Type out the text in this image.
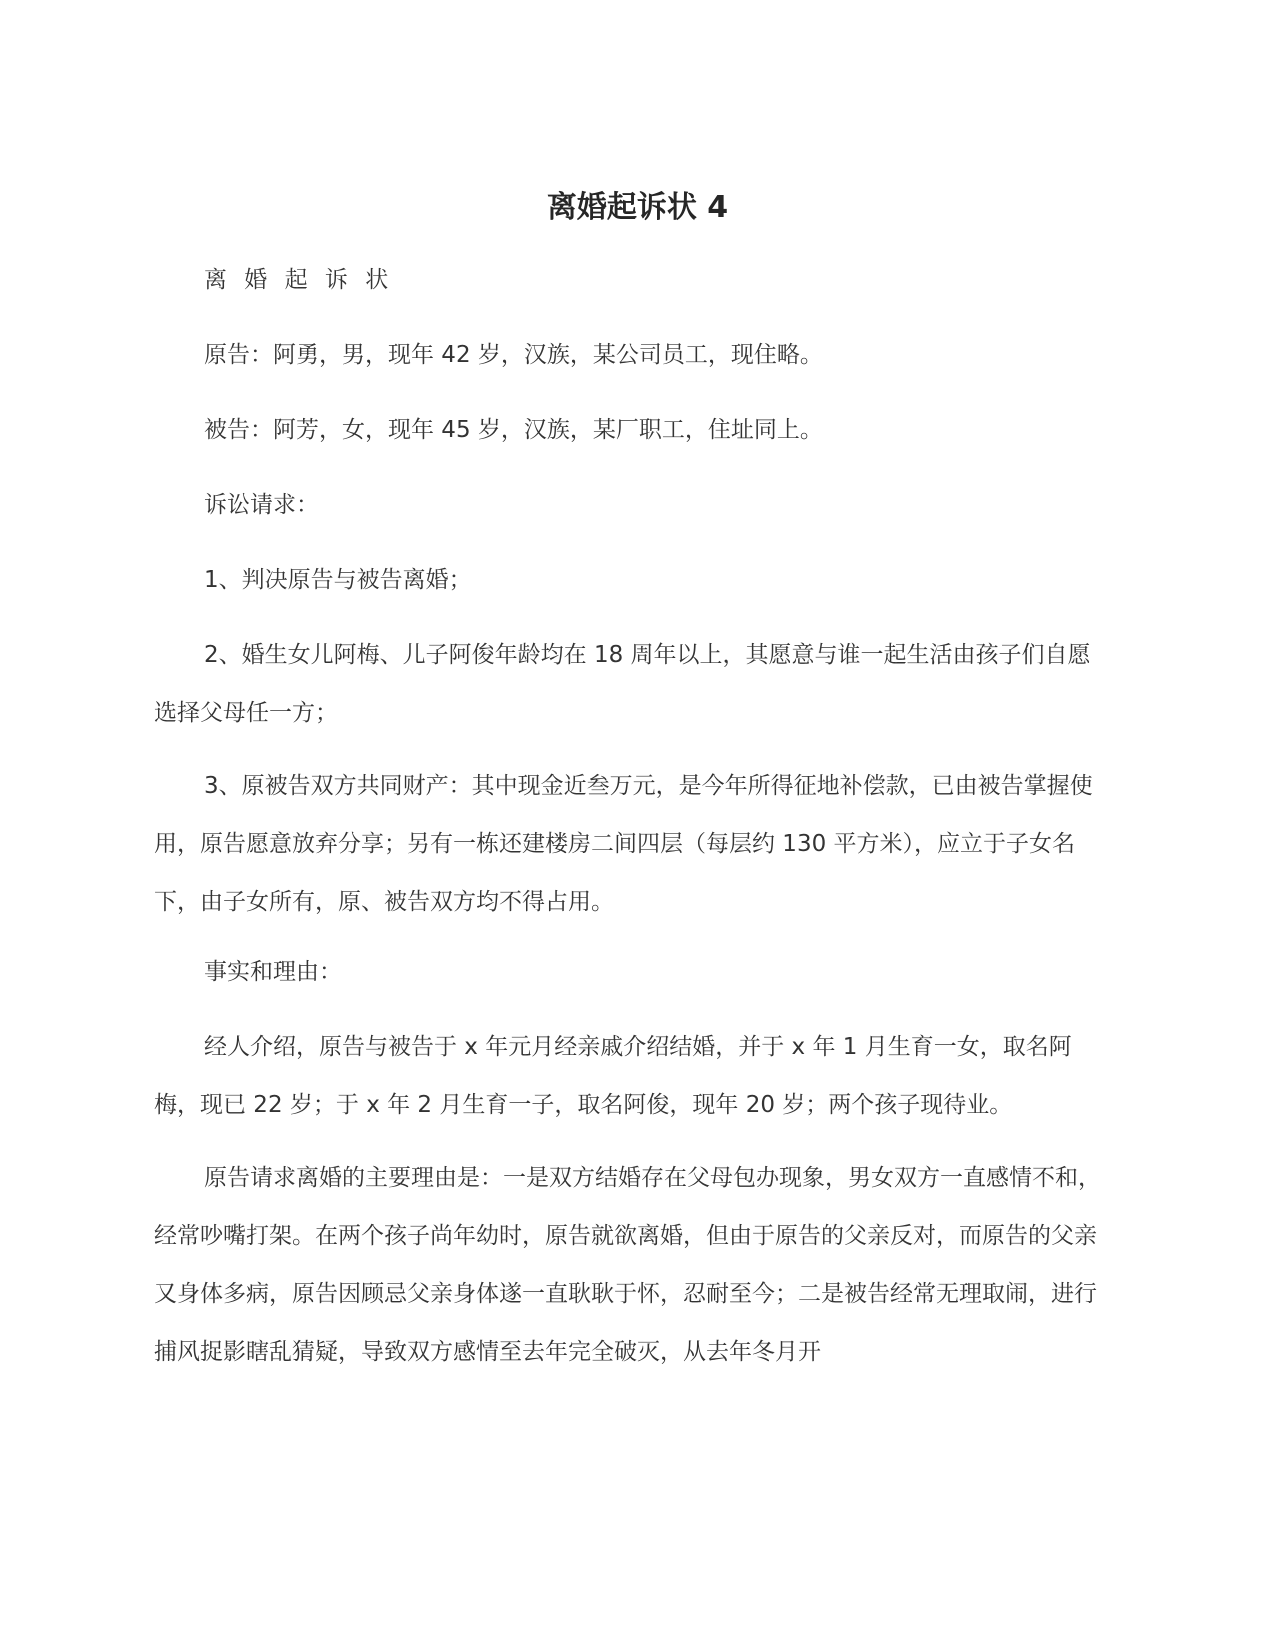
离婚起诉状 4

离 婚 起 诉 状

原告：阿勇，男，现年 42 岁，汉族，某公司员工，现住略。

被告：阿芳，女，现年 45 岁，汉族，某厂职工，住址同上。

诉讼请求：

1、判决原告与被告离婚；

2、婚生女儿阿梅、儿子阿俊年龄均在 18 周年以上，其愿意与谁一起生活由孩子们自愿选择父母任一方；

3、原被告双方共同财产：其中现金近叁万元，是今年所得征地补偿款，已由被告掌握使用，原告愿意放弃分享；另有一栋还建楼房二间四层（每层约 130 平方米），应立于子女名下，由子女所有，原、被告双方均不得占用。

事实和理由：

经人介绍，原告与被告于 x 年元月经亲戚介绍结婚，并于 x 年 1 月生育一女，取名阿梅，现已 22 岁；于 x 年 2 月生育一子，取名阿俊，现年 20 岁；两个孩子现待业。

原告请求离婚的主要理由是：一是双方结婚存在父母包办现象，男女双方一直感情不和，经常吵嘴打架。在两个孩子尚年幼时，原告就欲离婚，但由于原告的父亲反对，而原告的父亲又身体多病，原告因顾忌父亲身体遂一直耿耿于怀，忍耐至今；二是被告经常无理取闹，进行捕风捉影瞎乱猜疑，导致双方感情至去年完全破灭，从去年冬月开
